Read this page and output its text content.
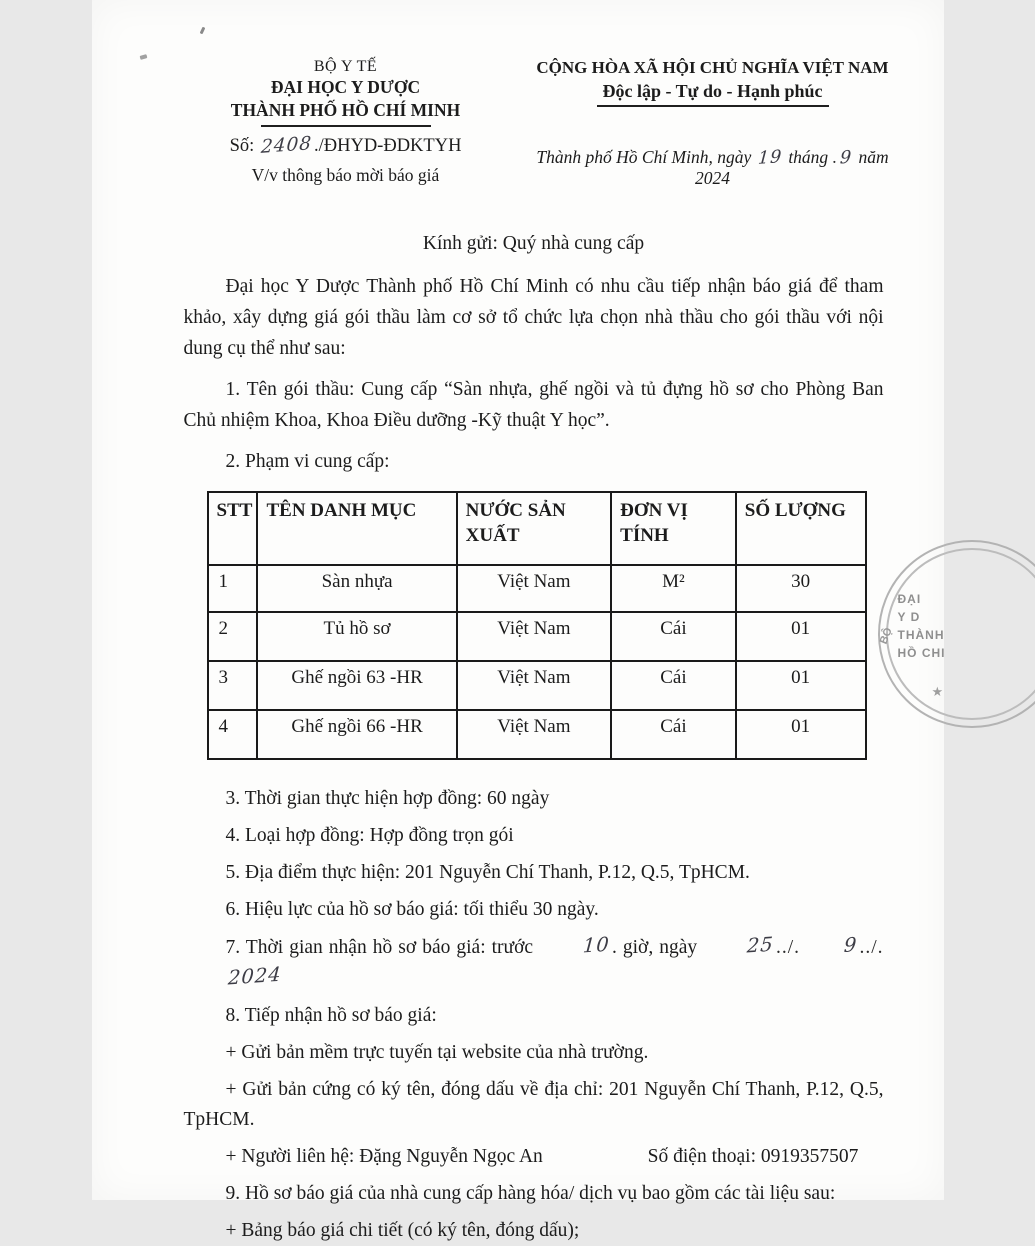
BỘ Y TẾ
ĐẠI HỌC Y DƯỢC
THÀNH PHỐ HỒ CHÍ MINH
Số: 2408./ĐHYD-ĐDKTYH
V/v thông báo mời báo giá
CỘNG HÒA XÃ HỘI CHỦ NGHĨA VIỆT NAM
Độc lập - Tự do - Hạnh phúc
Thành phố Hồ Chí Minh, ngày 19 tháng .9 năm 2024
Kính gửi: Quý nhà cung cấp
Đại học Y Dược Thành phố Hồ Chí Minh có nhu cầu tiếp nhận báo giá để tham khảo, xây dựng giá gói thầu làm cơ sở tổ chức lựa chọn nhà thầu cho gói thầu với nội dung cụ thể như sau:
1. Tên gói thầu: Cung cấp “Sàn nhựa, ghế ngồi và tủ đựng hồ sơ cho Phòng Ban Chủ nhiệm Khoa, Khoa Điều dưỡng -Kỹ thuật Y học”.
2. Phạm vi cung cấp:
STT	TÊN DANH MỤC	NƯỚC SẢN XUẤT	ĐƠN VỊ TÍNH	SỐ LƯỢNG
1	Sàn nhựa	Việt Nam	M²	30
2	Tủ hồ sơ	Việt Nam	Cái	01
3	Ghế ngồi 63 -HR	Việt Nam	Cái	01
4	Ghế ngồi 66 -HR	Việt Nam	Cái	01
3. Thời gian thực hiện hợp đồng: 60 ngày
4. Loại hợp đồng: Hợp đồng trọn gói
5. Địa điểm thực hiện: 201 Nguyễn Chí Thanh, P.12, Q.5, TpHCM.
6. Hiệu lực của hồ sơ báo giá: tối thiểu 30 ngày.
7. Thời gian nhận hồ sơ báo giá: trước	10. giờ, ngày	25../. 9../.2024
8. Tiếp nhận hồ sơ báo giá:
+ Gửi bản mềm trực tuyến tại website của nhà trường.
+ Gửi bản cứng có ký tên, đóng dấu về địa chỉ: 201 Nguyễn Chí Thanh, P.12, Q.5, TpHCM.
+ Người liên hệ: Đặng Nguyễn Ngọc An	Số điện thoại: 0919357507
9. Hồ sơ báo giá của nhà cung cấp hàng hóa/ dịch vụ bao gồm các tài liệu sau:
+ Bảng báo giá chi tiết (có ký tên, đóng dấu);
ĐẠI
Y D
THÀNH
HỒ CHI
BỘ
★
